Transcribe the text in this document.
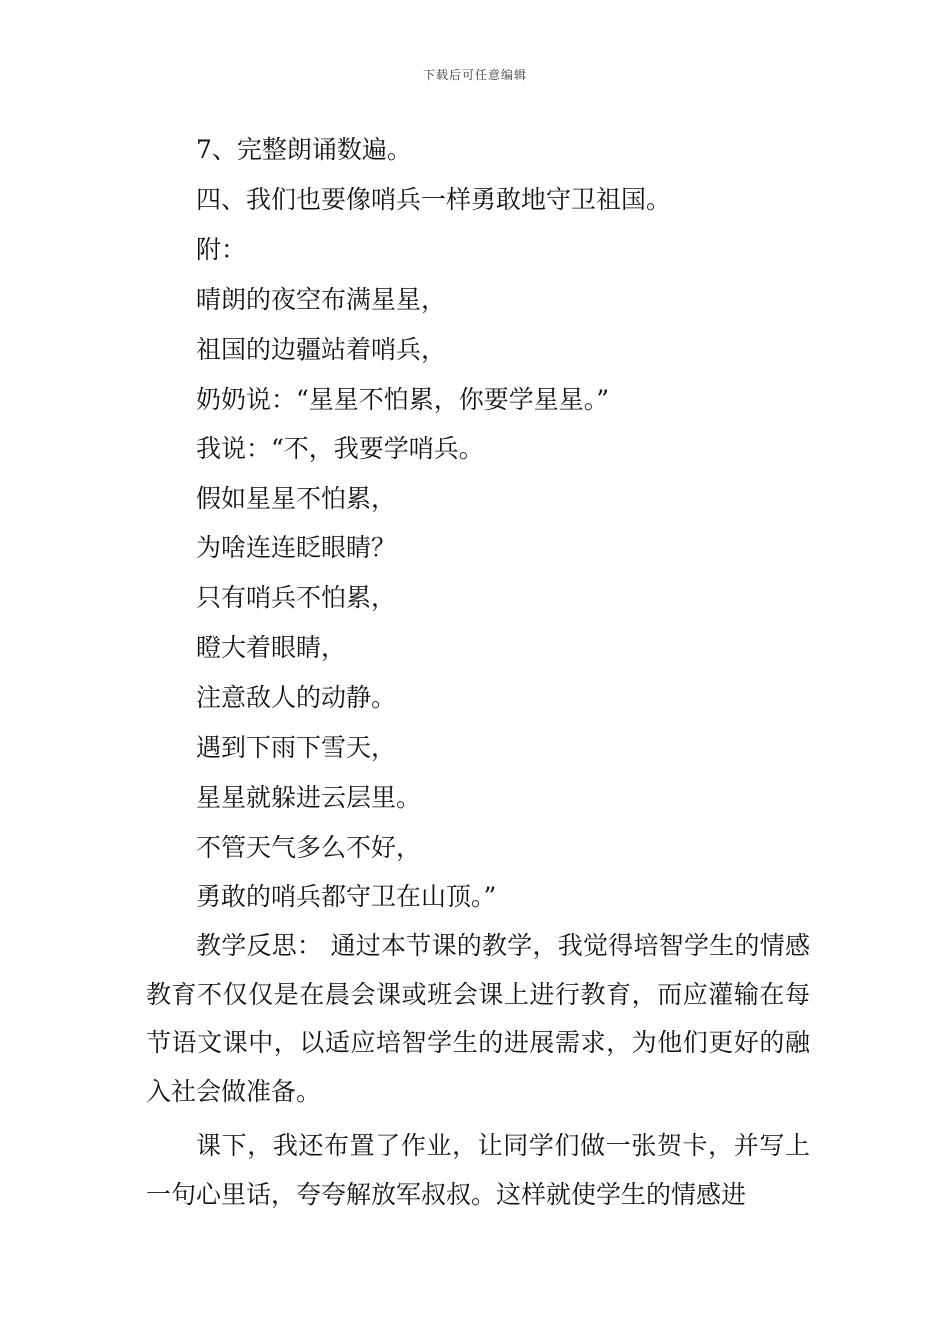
下载后可任意编辑
7、完整朗诵数遍。
四、我们也要像哨兵一样勇敢地守卫祖国。
附：
晴朗的夜空布满星星，
祖国的边疆站着哨兵，
奶奶说：“星星不怕累，你要学星星。”
我说：“不，我要学哨兵。
假如星星不怕累，
为啥连连眨眼睛？
只有哨兵不怕累，
瞪大着眼睛，
注意敌人的动静。
遇到下雨下雪天，
星星就躲进云层里。
不管天气多么不好，
勇敢的哨兵都守卫在山顶。”
教学反思： 通过本节课的教学，我觉得培智学生的情感教育不仅仅是在晨会课或班会课上进行教育，而应灌输在每节语文课中，以适应培智学生的进展需求，为他们更好的融入社会做准备。
课下，我还布置了作业，让同学们做一张贺卡，并写上一句心里话，夸夸解放军叔叔。这样就使学生的情感进
